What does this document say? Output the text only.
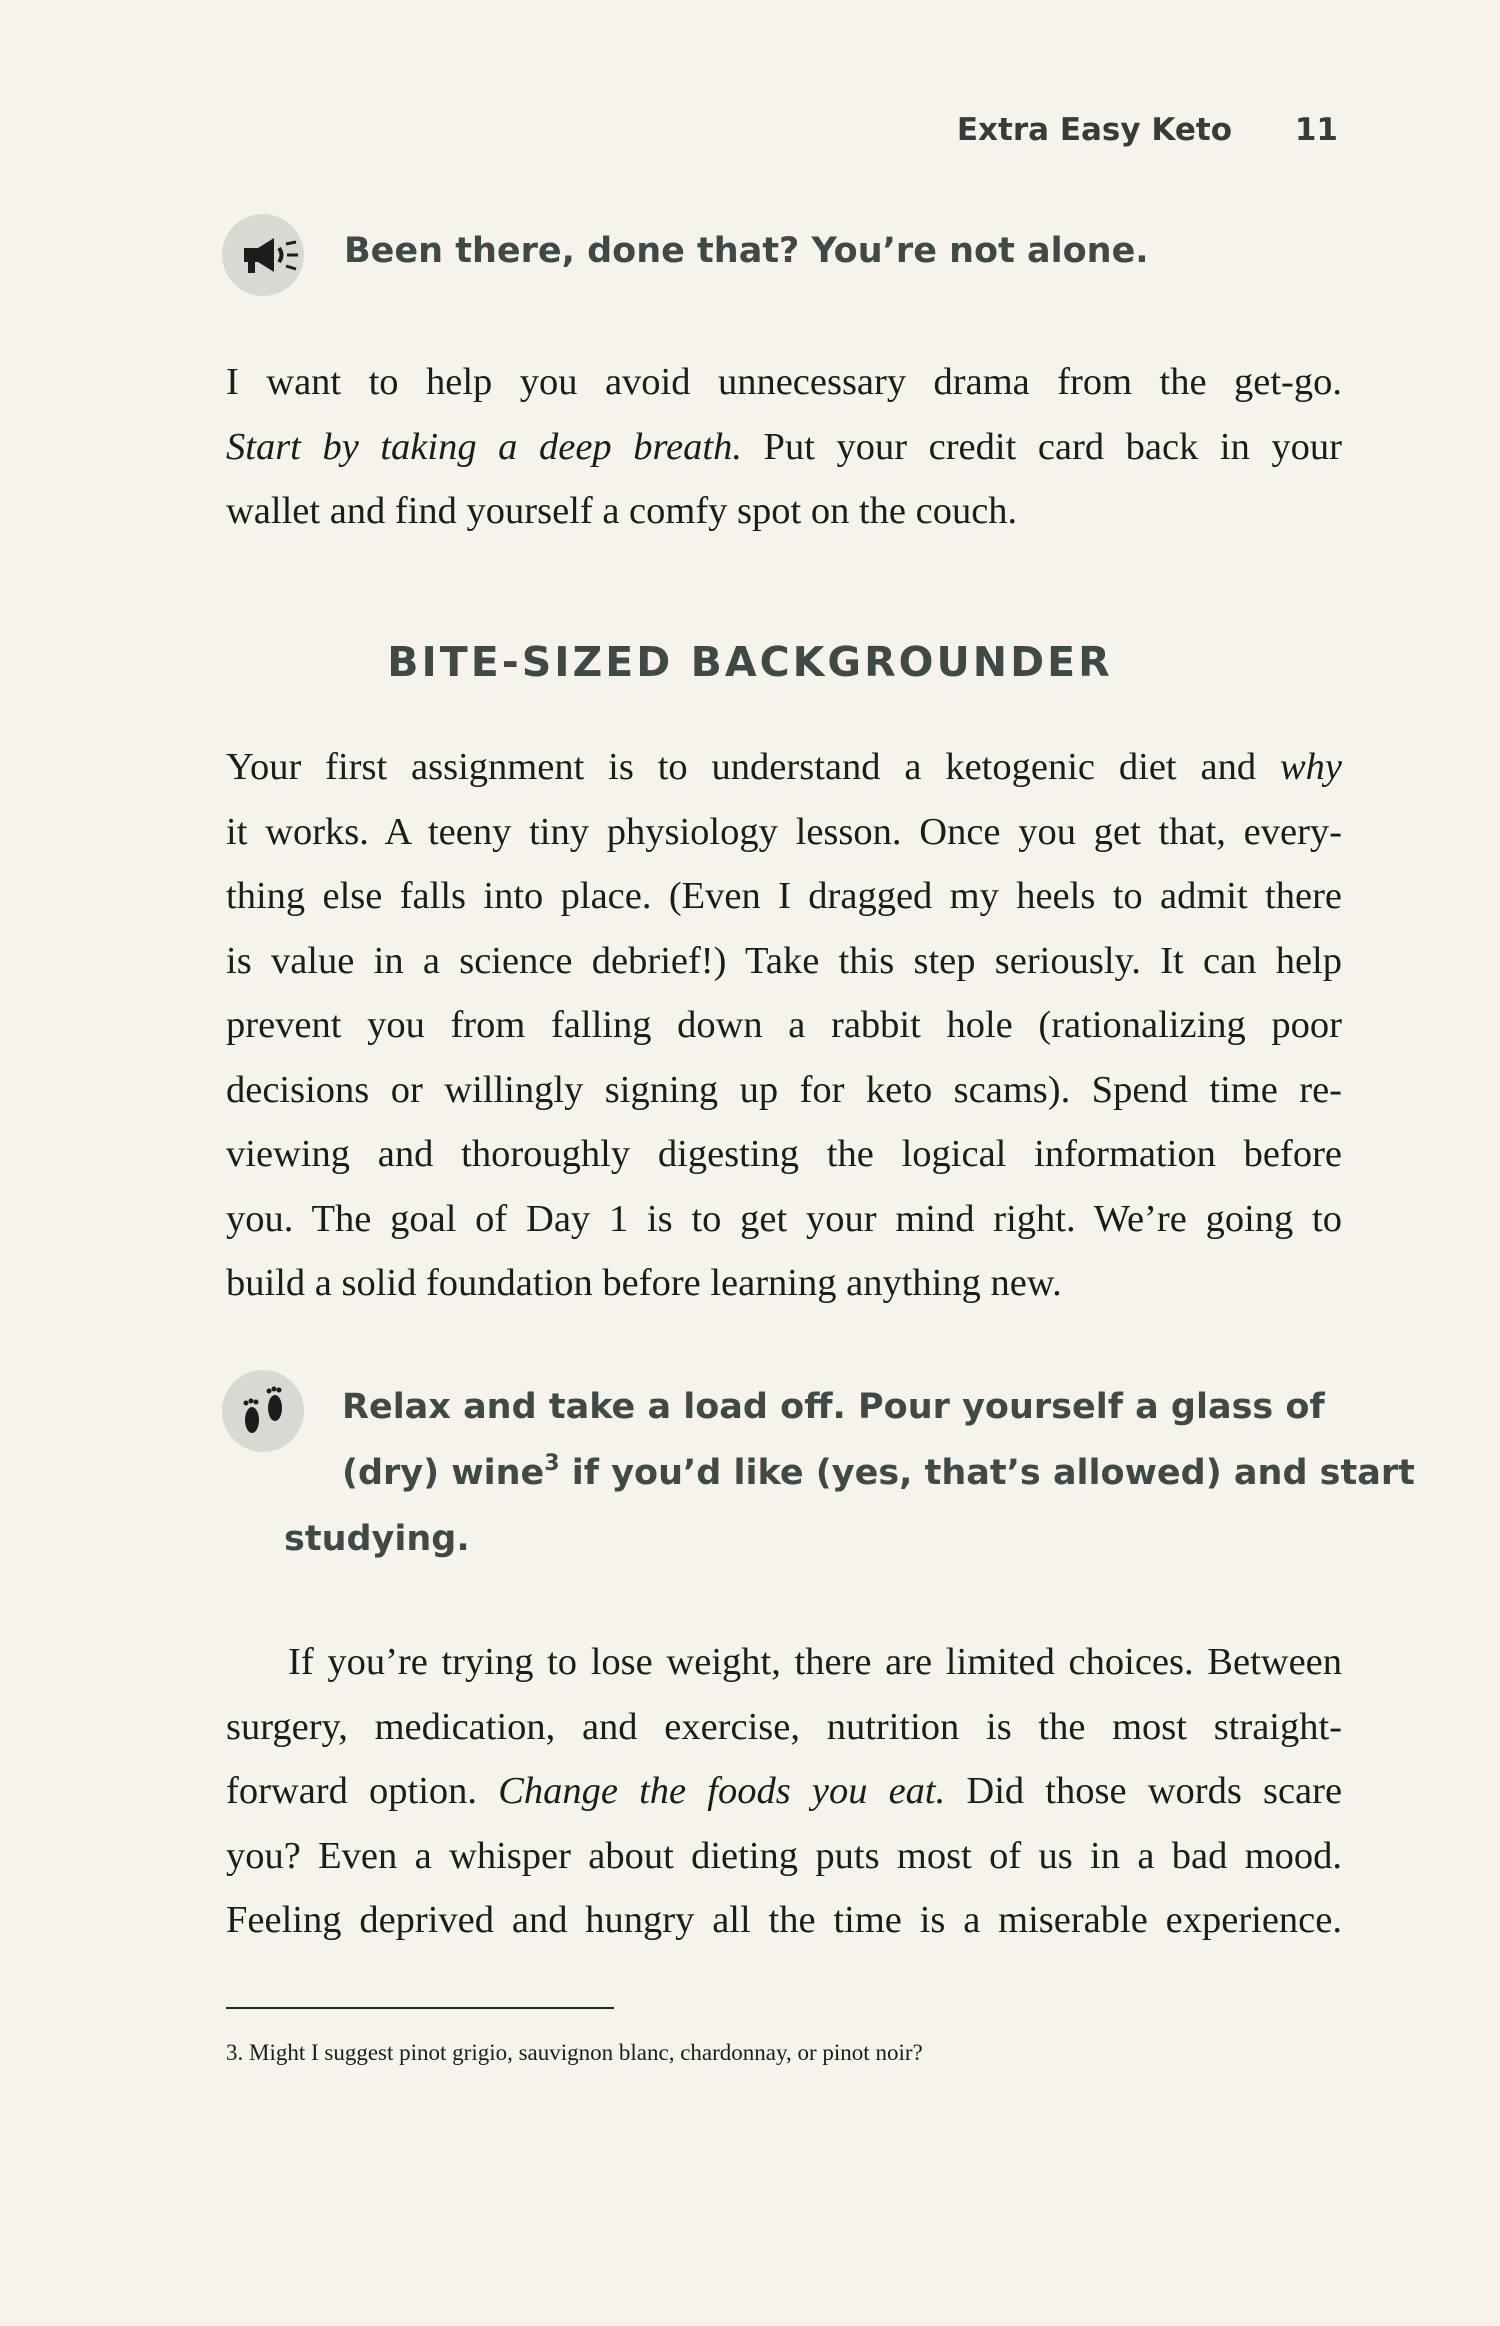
Extra Easy Keto 11
Been there, done that? You’re not alone.
I want to help you avoid unnecessary drama from the get-go.
Start by taking a deep breath. Put your credit card back in your
wallet and find yourself a comfy spot on the couch.
BITE-SIZED BACKGROUNDER
Your first assignment is to understand a ketogenic diet and why
it works. A teeny tiny physiology lesson. Once you get that, every-
thing else falls into place. (Even I dragged my heels to admit there
is value in a science debrief!) Take this step seriously. It can help
prevent you from falling down a rabbit hole (rationalizing poor
decisions or willingly signing up for keto scams). Spend time re-
viewing and thoroughly digesting the logical information before
you. The goal of Day 1 is to get your mind right. We’re going to
build a solid foundation before learning anything new.
Relax and take a load off. Pour yourself a glass of
(dry) wine$^3$ if you’d like (yes, that’s allowed) and start
studying.
If you’re trying to lose weight, there are limited choices. Between
surgery, medication, and exercise, nutrition is the most straight-
forward option. Change the foods you eat. Did those words scare
you? Even a whisper about dieting puts most of us in a bad mood.
Feeling deprived and hungry all the time is a miserable experience.
3. Might I suggest pinot grigio, sauvignon blanc, chardonnay, or pinot noir?
